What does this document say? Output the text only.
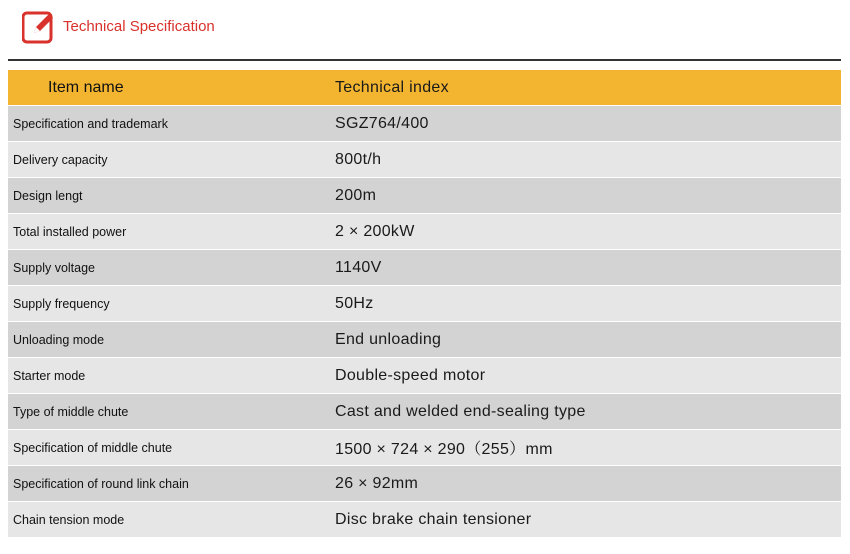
Technical Specification
Item name	Technical index
Specification and trademark	SGZ764/400
Delivery capacity	800t/h
Design lengt	200m
Total installed power	2 × 200kW
Supply voltage	1140V
Supply frequency	50Hz
Unloading mode	End unloading
Starter mode	Double-speed motor
Type of middle chute	Cast and welded end-sealing type
Specification of middle chute	1500 × 724 × 290（255）mm
Specification of round link chain	26 × 92mm
Chain tension mode	Disc brake chain tensioner
